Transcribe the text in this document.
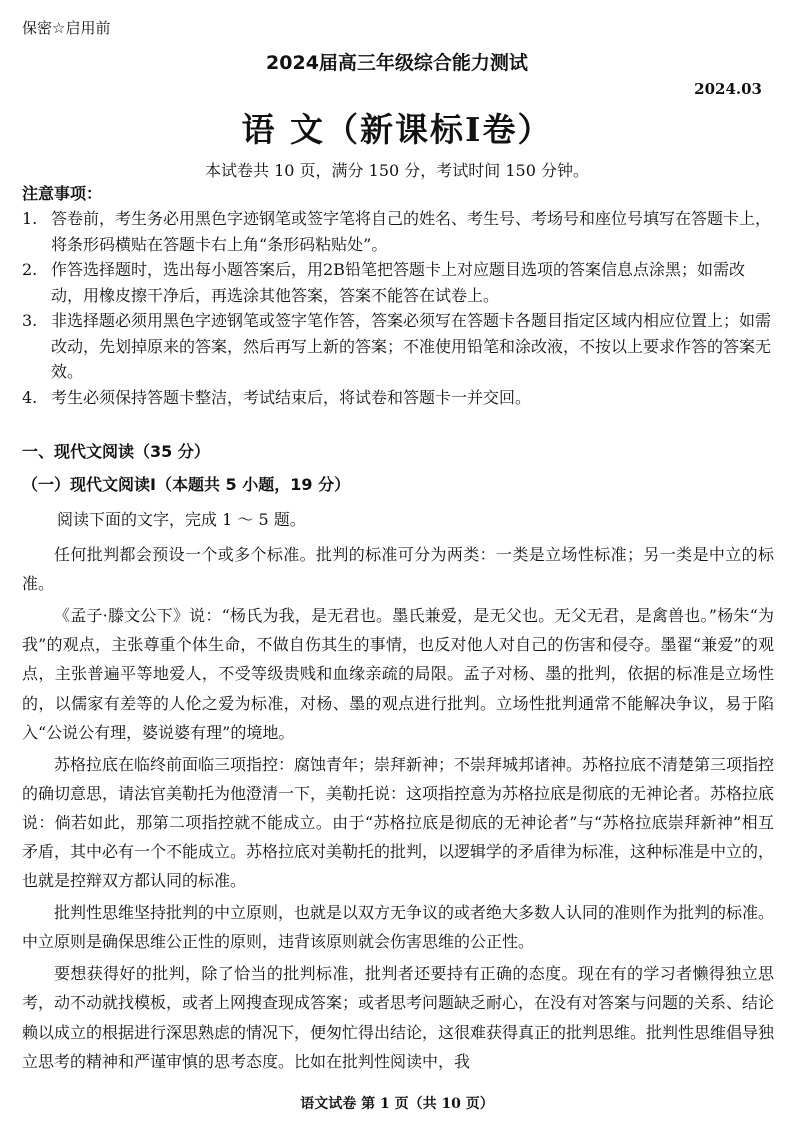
保密☆启用前
2024届高三年级综合能力测试
2024.03
语 文（新课标Ⅰ卷）
本试卷共 10 页，满分 150 分，考试时间 150 分钟。
注意事项：
1. 答卷前，考生务必用黑色字迹钢笔或签字笔将自己的姓名、考生号、考场号和座位号填写在答题卡上，将条形码横贴在答题卡右上角“条形码粘贴处”。
2. 作答选择题时，选出每小题答案后，用2B铅笔把答题卡上对应题目选项的答案信息点涂黑；如需改动，用橡皮擦干净后，再选涂其他答案，答案不能答在试卷上。
3. 非选择题必须用黑色字迹钢笔或签字笔作答，答案必须写在答题卡各题目指定区域内相应位置上；如需改动，先划掉原来的答案，然后再写上新的答案；不准使用铅笔和涂改液，不按以上要求作答的答案无效。
4. 考生必须保持答题卡整洁，考试结束后，将试卷和答题卡一并交回。
一、现代文阅读（35 分）
（一）现代文阅读Ⅰ（本题共 5 小题，19 分）
阅读下面的文字，完成 1 ～ 5 题。

任何批判都会预设一个或多个标准。批判的标准可分为两类：一类是立场性标准；另一类是中立的标准。

《孟子·滕文公下》说：“杨氏为我，是无君也。墨氏兼爱，是无父也。无父无君，是禽兽也。”杨朱“为我”的观点，主张尊重个体生命，不做自伤其生的事情，也反对他人对自己的伤害和侵夺。墨翟“兼爱”的观点，主张普遍平等地爱人，不受等级贵贱和血缘亲疏的局限。孟子对杨、墨的批判，依据的标准是立场性的，以儒家有差等的人伦之爱为标准，对杨、墨的观点进行批判。立场性批判通常不能解决争议，易于陷入“公说公有理，婆说婆有理”的境地。

苏格拉底在临终前面临三项指控：腐蚀青年；崇拜新神；不崇拜城邦诸神。苏格拉底不清楚第三项指控的确切意思，请法官美勒托为他澄清一下，美勒托说：这项指控意为苏格拉底是彻底的无神论者。苏格拉底说：倘若如此，那第二项指控就不能成立。由于“苏格拉底是彻底的无神论者”与“苏格拉底崇拜新神”相互矛盾，其中必有一个不能成立。苏格拉底对美勒托的批判，以逻辑学的矛盾律为标准，这种标准是中立的，也就是控辩双方都认同的标准。

批判性思维坚持批判的中立原则，也就是以双方无争议的或者绝大多数人认同的准则作为批判的标准。中立原则是确保思维公正性的原则，违背该原则就会伤害思维的公正性。

要想获得好的批判，除了恰当的批判标准，批判者还要持有正确的态度。现在有的学习者懒得独立思考，动不动就找模板，或者上网搜查现成答案；或者思考问题缺乏耐心，在没有对答案与问题的关系、结论赖以成立的根据进行深思熟虑的情况下，便匆忙得出结论，这很难获得真正的批判思维。批判性思维倡导独立思考的精神和严谨审慎的思考态度。比如在批判性阅读中，我

语文试卷 第 1 页（共 10 页）
